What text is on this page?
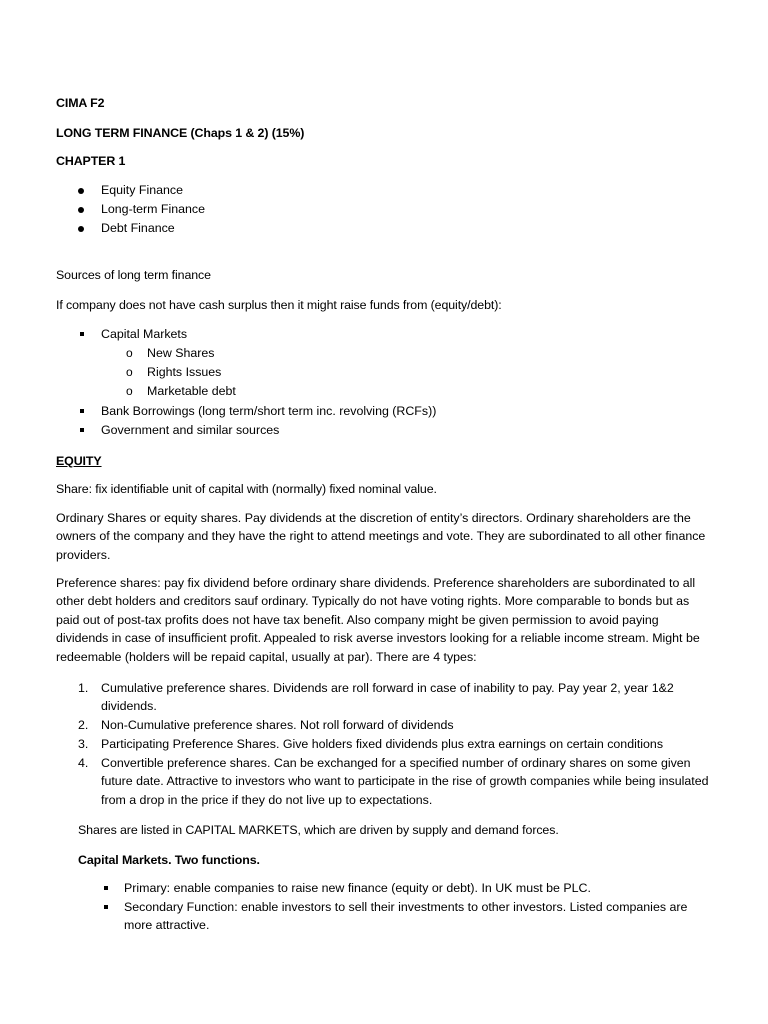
CIMA F2
LONG TERM FINANCE (Chaps 1 & 2) (15%)
CHAPTER 1
Equity Finance
Long-term Finance
Debt Finance
Sources of long term finance
If company does not have cash surplus then it might raise funds from (equity/debt):
Capital Markets
o New Shares
o Rights Issues
o Marketable debt
Bank Borrowings (long term/short term inc. revolving (RCFs))
Government and similar sources
EQUITY
Share: fix identifiable unit of capital with (normally) fixed nominal value.
Ordinary Shares or equity shares. Pay dividends at the discretion of entity’s directors. Ordinary shareholders are the owners of the company and they have the right to attend meetings and vote. They are subordinated to all other finance providers.
Preference shares: pay fix dividend before ordinary share dividends. Preference shareholders are subordinated to all other debt holders and creditors sauf ordinary. Typically do not have voting rights. More comparable to bonds but as paid out of post-tax profits does not have tax benefit. Also company might be given permission to avoid paying dividends in case of insufficient profit. Appealed to risk averse investors looking for a reliable income stream. Might be redeemable (holders will be repaid capital, usually at par). There are 4 types:
1. Cumulative preference shares. Dividends are roll forward in case of inability to pay. Pay year 2, year 1&2 dividends.
2. Non-Cumulative preference shares. Not roll forward of dividends
3. Participating Preference Shares. Give holders fixed dividends plus extra earnings on certain conditions
4. Convertible preference shares. Can be exchanged for a specified number of ordinary shares on some given future date. Attractive to investors who want to participate in the rise of growth companies while being insulated from a drop in the price if they do not live up to expectations.
Shares are listed in CAPITAL MARKETS, which are driven by supply and demand forces.
Capital Markets. Two functions.
Primary: enable companies to raise new finance (equity or debt). In UK must be PLC.
Secondary Function: enable investors to sell their investments to other investors. Listed companies are more attractive.
